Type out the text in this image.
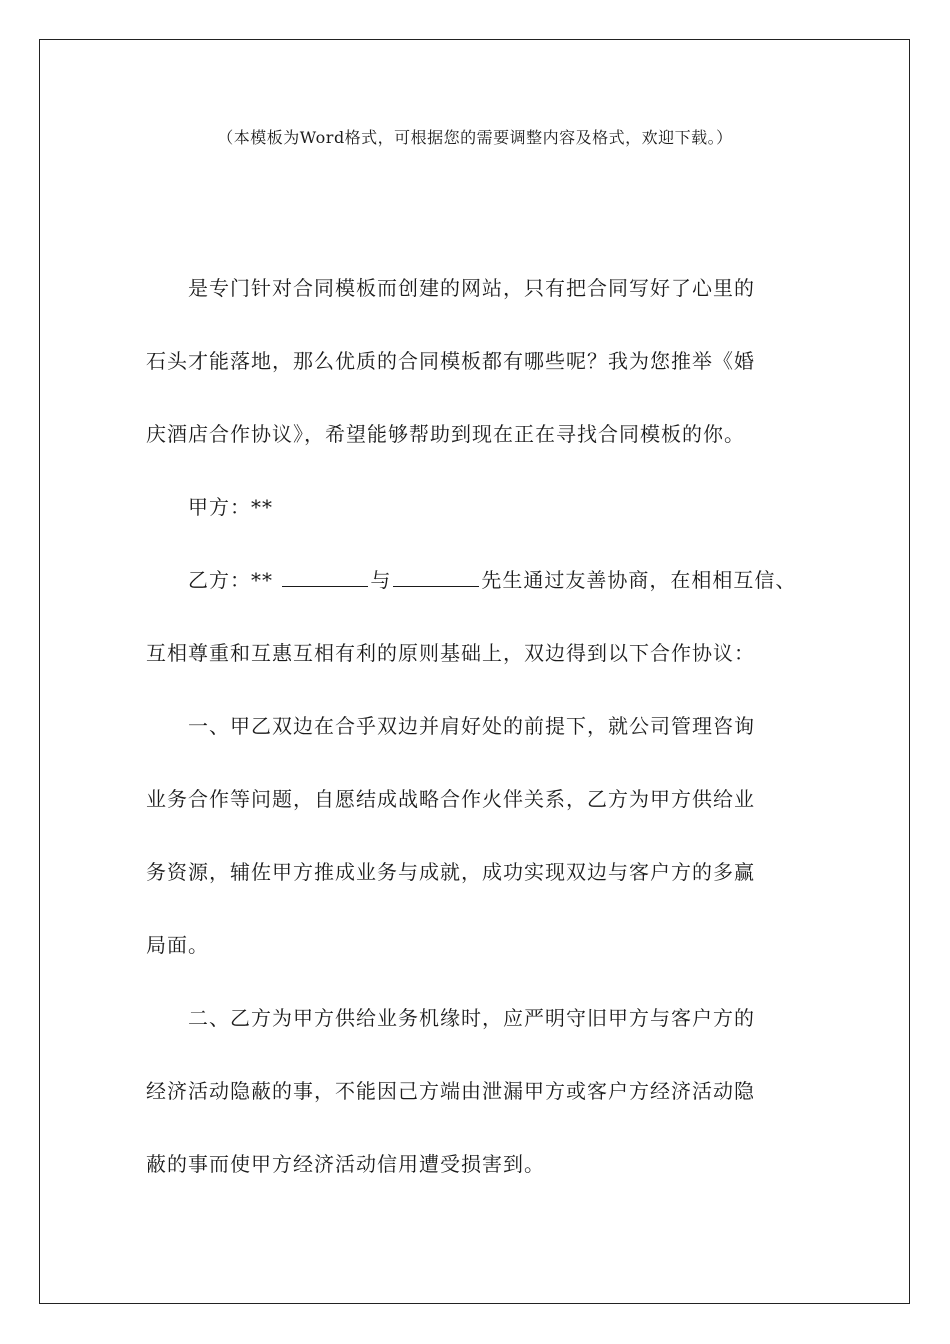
（本模板为Word格式，可根据您的需要调整内容及格式，欢迎下载。）
是专门针对合同模板而创建的网站，只有把合同写好了心里的
石头才能落地，那么优质的合同模板都有哪些呢？我为您推举《婚
庆酒店合作协议》，希望能够帮助到现在正在寻找合同模板的你。
甲方：**
乙方：**	与	先生通过友善协商，在相相互信、
互相尊重和互惠互相有利的原则基础上，双边得到以下合作协议：
一、甲乙双边在合乎双边并肩好处的前提下，就公司管理咨询
业务合作等问题，自愿结成战略合作火伴关系，乙方为甲方供给业
务资源，辅佐甲方推成业务与成就，成功实现双边与客户方的多赢
局面。
二、乙方为甲方供给业务机缘时，应严明守旧甲方与客户方的
经济活动隐蔽的事，不能因己方端由泄漏甲方或客户方经济活动隐
蔽的事而使甲方经济活动信用遭受损害到。
